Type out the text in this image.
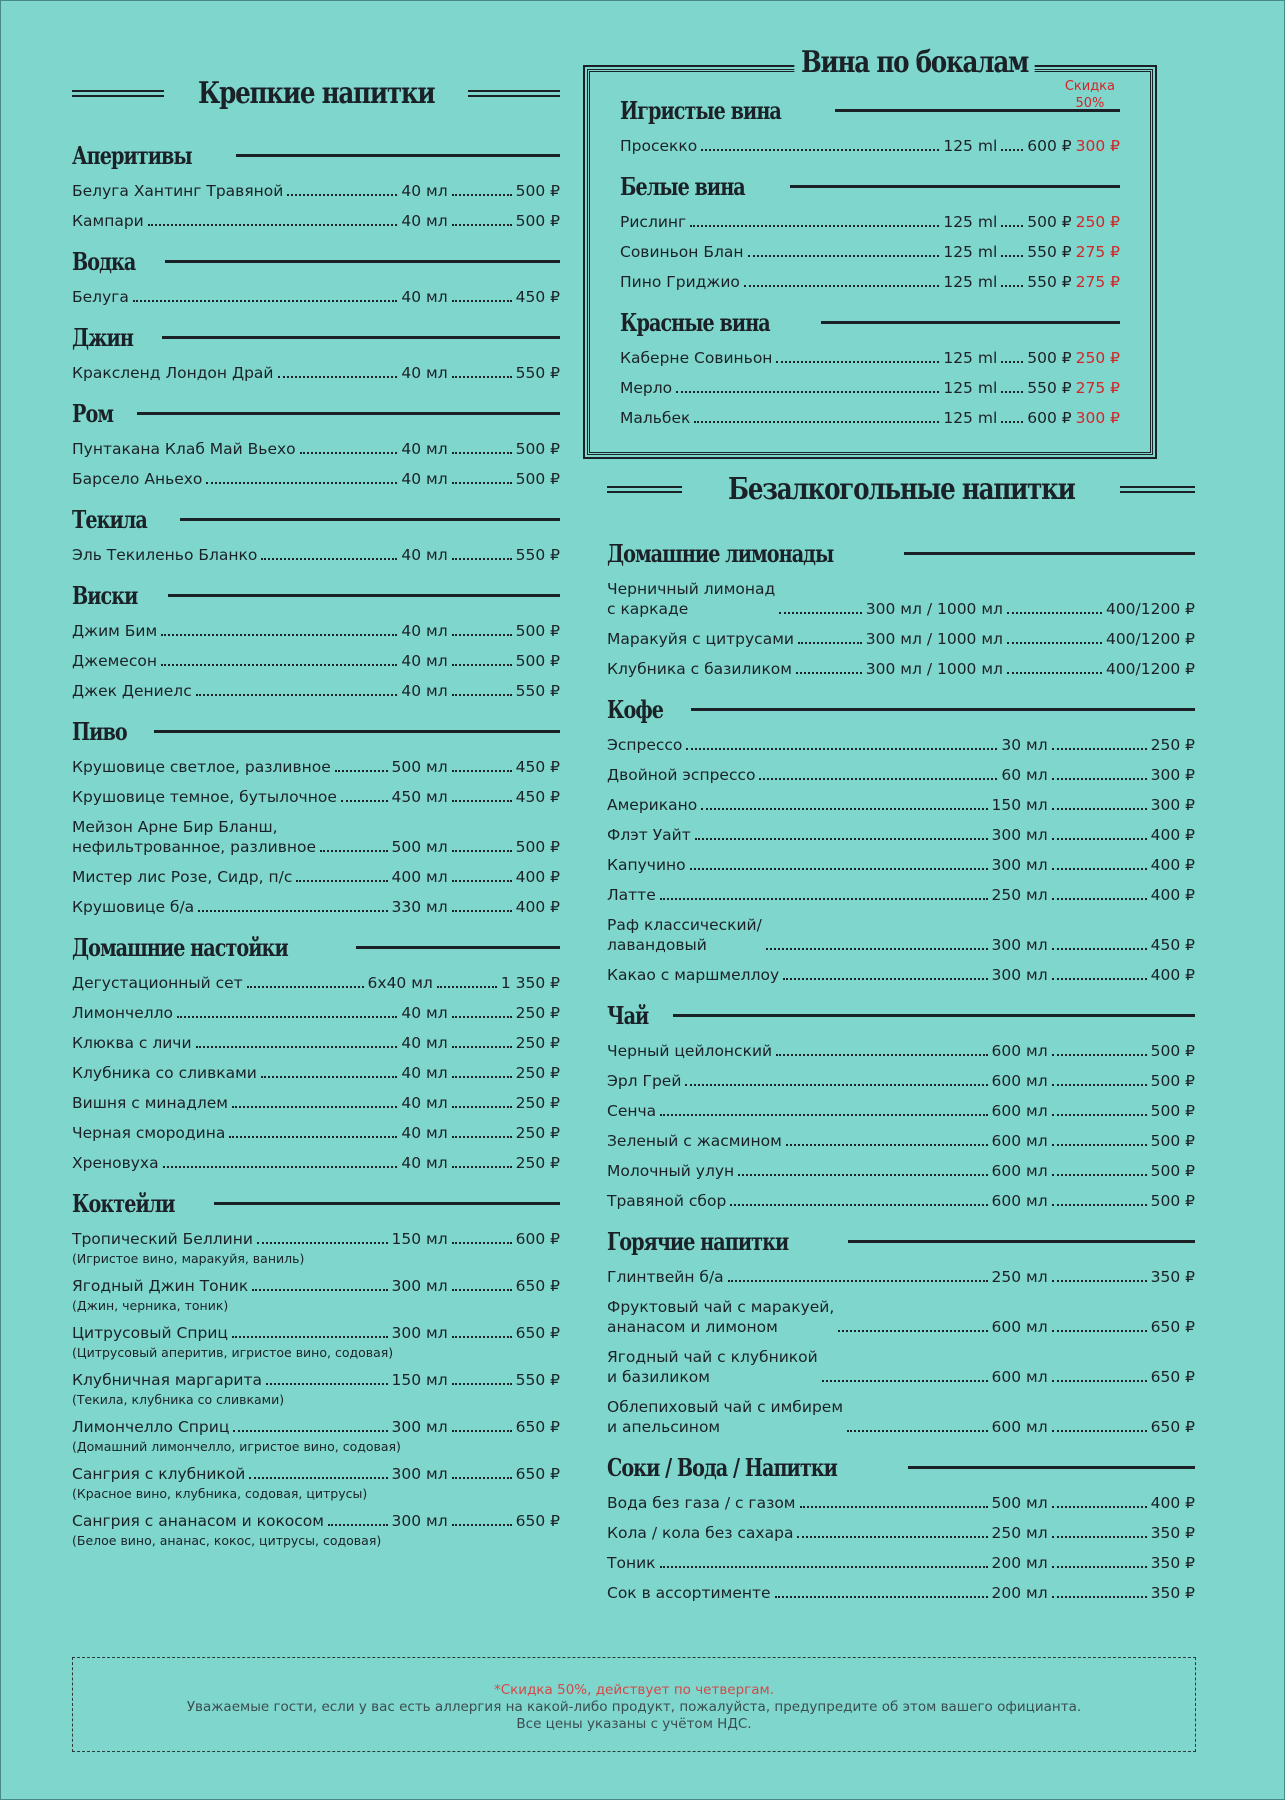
Крепкие напитки
Аперитивы
Белуга Хантинг Травяной	40 мл	500 ₽
Кампари	40 мл	500 ₽
Водка
Белуга	40 мл	450 ₽
Джин
Краксленд Лондон Драй	40 мл	550 ₽
Ром
Пунтакана Клаб Май Вьехо	40 мл	500 ₽
Барсело Аньехо	40 мл	500 ₽
Текила
Эль Текиленьо Бланко	40 мл	550 ₽
Виски
Джим Бим	40 мл	500 ₽
Джемесон	40 мл	500 ₽
Джек Дениелс	40 мл	550 ₽
Пиво
Крушовице светлое, разливное	500 мл	450 ₽
Крушовице темное, бутылочное	450 мл	450 ₽
Мейзон Арне Бир Бланш,
нефильтрованное, разливное	500 мл	500 ₽
Мистер лис Розе, Сидр, п/с	400 мл	400 ₽
Крушовице б/а	330 мл	400 ₽
Домашние настойки
Дегустационный сет	6х40 мл	1 350 ₽
Лимончелло	40 мл	250 ₽
Клюква с личи	40 мл	250 ₽
Клубника со сливками	40 мл	250 ₽
Вишня с минадлем	40 мл	250 ₽
Черная смородина	40 мл	250 ₽
Хреновуха	40 мл	250 ₽
Коктейли
Тропический Беллини	150 мл	600 ₽
(Игристое вино, маракуйя, ваниль)
Ягодный Джин Тоник	300 мл	650 ₽
(Джин, черника, тоник)
Цитрусовый Сприц	300 мл	650 ₽
(Цитрусовый аперитив, игристое вино, содовая)
Клубничная маргарита	150 мл	550 ₽
(Текила, клубника со сливками)
Лимончелло Сприц	300 мл	650 ₽
(Домашний лимончелло, игристое вино, содовая)
Сангрия с клубникой	300 мл	650 ₽
(Красное вино, клубника, содовая, цитрусы)
Сангрия с ананасом и кокосом	300 мл	650 ₽
(Белое вино, ананас, кокос, цитрусы, содовая)
Вина по бокалам
Скидка
50%
Игристые вина
Просекко	125 ml 600 ₽ 300 ₽
Белые вина
Рислинг	125 ml 500 ₽ 250 ₽
Совиньон Блан	125 ml 550 ₽ 275 ₽
Пино Гриджио	125 ml 550 ₽ 275 ₽
Красные вина
Каберне Совиньон	125 ml 500 ₽ 250 ₽
Мерло	125 ml 550 ₽ 275 ₽
Мальбек	125 ml 600 ₽ 300 ₽
Безалкогольные напитки
Домашние лимонады
Черничный лимонад
с каркаде	300 мл / 1000 мл	400/1200 ₽
Маракуйя с цитрусами	300 мл / 1000 мл	400/1200 ₽
Клубника с базиликом	300 мл / 1000 мл	400/1200 ₽
Кофе
Эспрессо	30 мл	250 ₽
Двойной эспрессо	60 мл	300 ₽
Американо	150 мл	300 ₽
Флэт Уайт	300 мл	400 ₽
Капучино	300 мл	400 ₽
Латте	250 мл	400 ₽
Раф классический/
лавандовый	300 мл	450 ₽
Какао с маршмеллоу	300 мл	400 ₽
Чай
Черный цейлонский	600 мл	500 ₽
Эрл Грей	600 мл	500 ₽
Сенча	600 мл	500 ₽
Зеленый с жасмином	600 мл	500 ₽
Молочный улун	600 мл	500 ₽
Травяной сбор	600 мл	500 ₽
Горячие напитки
Глинтвейн б/а	250 мл	350 ₽
Фруктовый чай с маракуей,
ананасом и лимоном	600 мл	650 ₽
Ягодный чай с клубникой
и базиликом	600 мл	650 ₽
Облепиховый чай с имбирем
и апельсином	600 мл	650 ₽
Соки / Вода / Напитки
Вода без газа / с газом	500 мл	400 ₽
Кола / кола без сахара	250 мл	350 ₽
Тоник	200 мл	350 ₽
Сок в ассортименте	200 мл	350 ₽
*Скидка 50%, действует по четвергам.
Уважаемые гости, если у вас есть аллергия на какой-либо продукт, пожалуйста, предупредите об этом вашего официанта.
Все цены указаны с учётом НДС.
